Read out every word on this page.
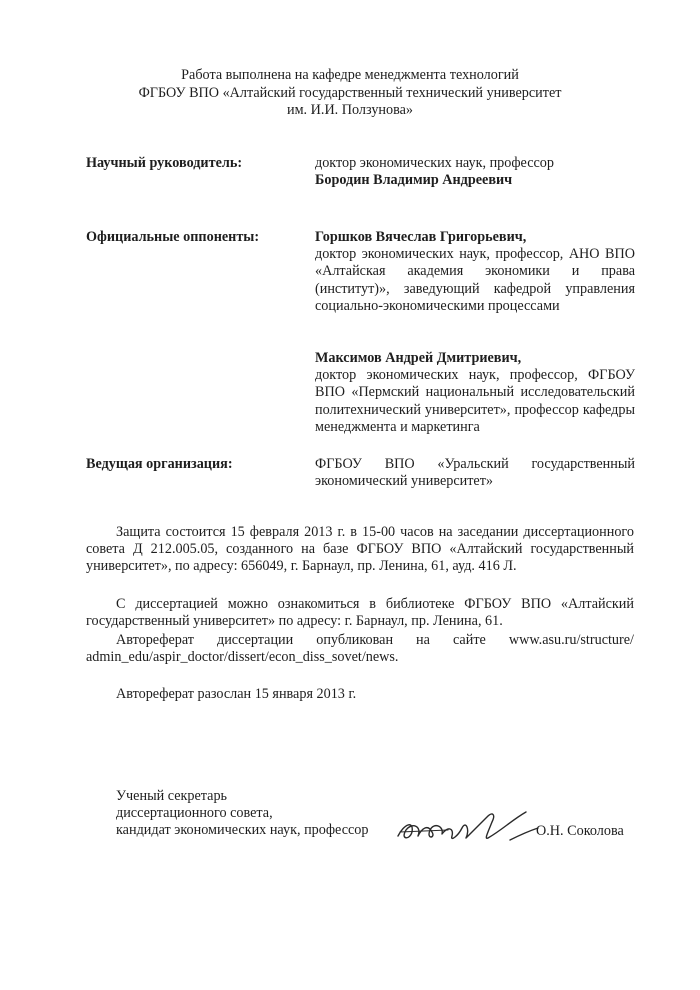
Работа выполнена на кафедре менеджмента технологий
ФГБОУ ВПО «Алтайский государственный технический университет
им. И.И. Ползунова»
Научный руководитель:	доктор экономических наук, профессор
Бородин Владимир Андреевич
Официальные оппоненты:	Горшков Вячеслав Григорьевич,
доктор экономических наук, профессор, АНО ВПО «Алтайская академия экономики и права (институт)», заведующий кафедрой управления социально-экономическими процессами
Максимов Андрей Дмитриевич,
доктор экономических наук, профессор, ФГБОУ ВПО «Пермский национальный исследовательский политехнический университет», профессор кафедры менеджмента и маркетинга
Ведущая организация:	ФГБОУ ВПО «Уральский государственный экономический университет»
Защита состоится 15 февраля 2013 г. в 15-00 часов на заседании диссертационного совета Д 212.005.05, созданного на базе ФГБОУ ВПО «Алтайский государственный университет», по адресу: 656049, г. Барнаул, пр. Ленина, 61, ауд. 416 Л.
С диссертацией можно ознакомиться в библиотеке ФГБОУ ВПО «Алтайский государственный университет» по адресу: г. Барнаул, пр. Ленина, 61.
Автореферат диссертации опубликован на сайте www.asu.ru/structure/ admin_edu/aspir_doctor/dissert/econ_diss_sovet/news.
Автореферат разослан 15 января 2013 г.
Ученый секретарь
диссертационного совета,
кандидат экономических наук, профессор	О.Н. Соколова
